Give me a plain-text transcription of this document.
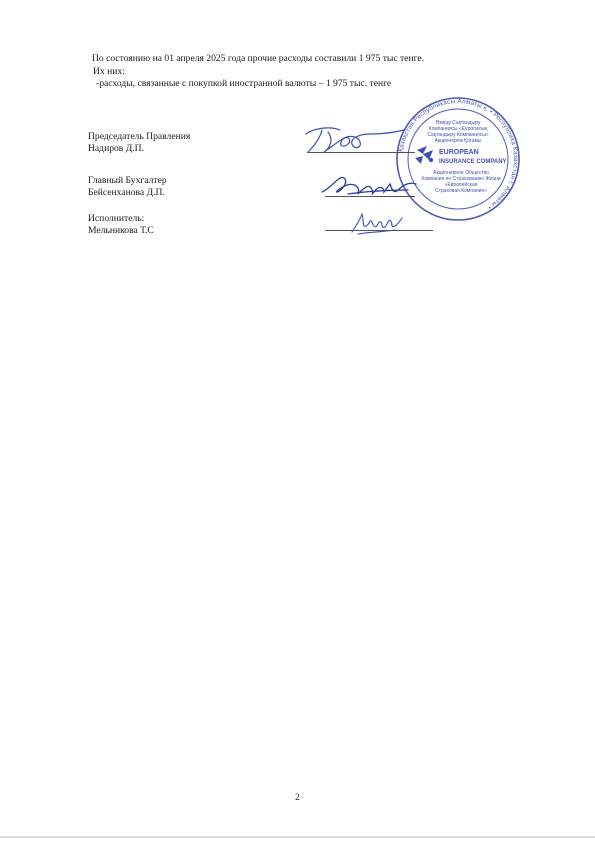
По состоянию на 01 апреля 2025 года прочие расходы составили 1 975 тыс тенге.
Их них:
-расходы, связанные с покупкой иностранной валюты – 1 975 тыс. тенге
Председатель Правления
Надиров Д.П.
Главный Бухгалтер
Бейсенханова Д.П.
Исполнитель:
Мельникова Т.С
Қазақстан Республикасы Алматы қ. • Республика Казахстан г. Алматы •
Өмірді Сақтандыру
Компаниясы «Еуропалық
Сақтандыру Компаниясы»
Акционерлік Қоғамы
EUROPEAN
INSURANCE COMPANY
Акционерное Общество
Компания по Страхованию Жизни
«Европейская
Страховая Компания»
2
